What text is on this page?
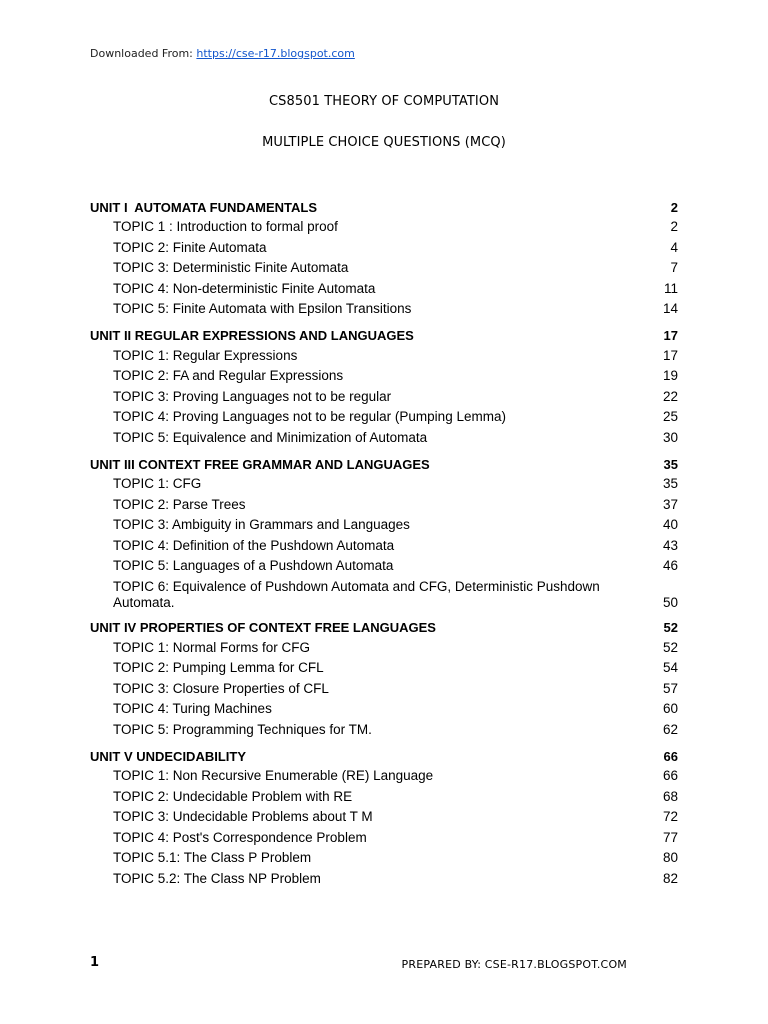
Downloaded From: https://cse-r17.blogspot.com
CS8501 THEORY OF COMPUTATION
MULTIPLE CHOICE QUESTIONS (MCQ)
UNIT I  AUTOMATA FUNDAMENTALS	2
TOPIC 1 : Introduction to formal proof	2
TOPIC 2: Finite Automata	4
TOPIC 3: Deterministic Finite Automata	7
TOPIC 4: Non-deterministic Finite Automata	11
TOPIC 5: Finite Automata with Epsilon Transitions	14
UNIT II REGULAR EXPRESSIONS AND LANGUAGES	17
TOPIC 1: Regular Expressions	17
TOPIC 2: FA and Regular Expressions	19
TOPIC 3: Proving Languages not to be regular	22
TOPIC 4: Proving Languages not to be regular (Pumping Lemma)	25
TOPIC 5: Equivalence and Minimization of Automata	30
UNIT III CONTEXT FREE GRAMMAR AND LANGUAGES	35
TOPIC 1: CFG	35
TOPIC 2: Parse Trees	37
TOPIC 3: Ambiguity in Grammars and Languages	40
TOPIC 4: Definition of the Pushdown Automata	43
TOPIC 5: Languages of a Pushdown Automata	46
TOPIC 6: Equivalence of Pushdown Automata and CFG, Deterministic Pushdown Automata.	50
UNIT IV PROPERTIES OF CONTEXT FREE LANGUAGES	52
TOPIC 1: Normal Forms for CFG	52
TOPIC 2: Pumping Lemma for CFL	54
TOPIC 3: Closure Properties of CFL	57
TOPIC 4: Turing Machines	60
TOPIC 5: Programming Techniques for TM.	62
UNIT V UNDECIDABILITY	66
TOPIC 1: Non Recursive Enumerable (RE) Language	66
TOPIC 2: Undecidable Problem with RE	68
TOPIC 3: Undecidable Problems about T M	72
TOPIC 4: Post's Correspondence Problem	77
TOPIC 5.1: The Class P Problem	80
TOPIC 5.2: The Class NP Problem	82
1	PREPARED BY: CSE-R17.BLOGSPOT.COM
